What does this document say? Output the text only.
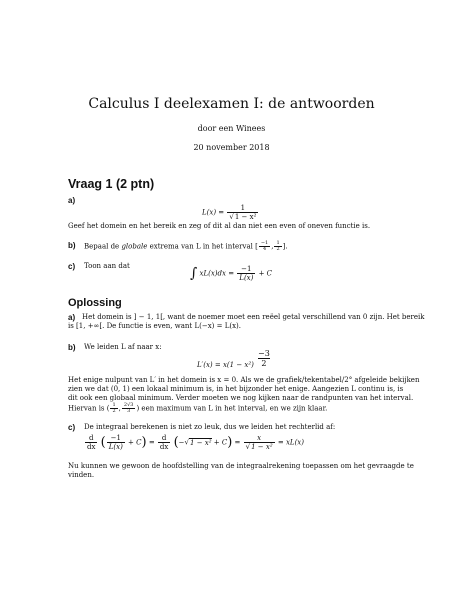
Calculus I deelexamen I: de antwoorden
door een Winees
20 november 2018
Vraag 1 (2 ptn)
a)
$L(x) = \frac{1}{\text{√1 − x²}}$
Geef het domein en het bereik en zeg of dit al dan niet een even of oneven functie is.
b) Bepaal de globale extrema van L in het interval [ $\frac{-1}{4}$ , $\frac{1}{2}$ ].
c) Toon aan dat	∫ $xL(x)dx = \frac{-1}{L(x)} + C$
Oplossing
a) Het domein is ] − 1, 1[, want de noemer moet een reëel getal verschillend van 0 zijn. Het bereik
is [1, +∞[. De functie is even, want L(−x) = L(x).
b) We leiden L af naar x:
$\frac{-3}{2}$
L′(x) = x(1 − x²)
Het enige nulpunt van L′ in het domein is x = 0. Als we de grafiek/tekentabel/2° afgeleide bekijken
zien we dat (0, 1) een lokaal minimum is, in het bijzonder het enige. Aangezien L continu is, is
dit ook een globaal minimum. Verder moeten we nog kijken naar de randpunten van het interval.
Hiervan is ( $\frac{1}{2}$ , $\frac{2√3}{3}$ ) een maximum van L in het interval, en we zijn klaar.
c) De integraal berekenen is niet zo leuk, dus we leiden het rechterlid af:
$\frac{d}{dx}$ ( $\frac{-1}{L(x)} + C) = \frac{d}{dx} (-√1 - x^2 + C) = \frac{x}{\text{√1 − x²}} = xL(x)$
Nu kunnen we gewoon de hoofdstelling van de integraalrekening toepassen om het gevraagde te
vinden.
